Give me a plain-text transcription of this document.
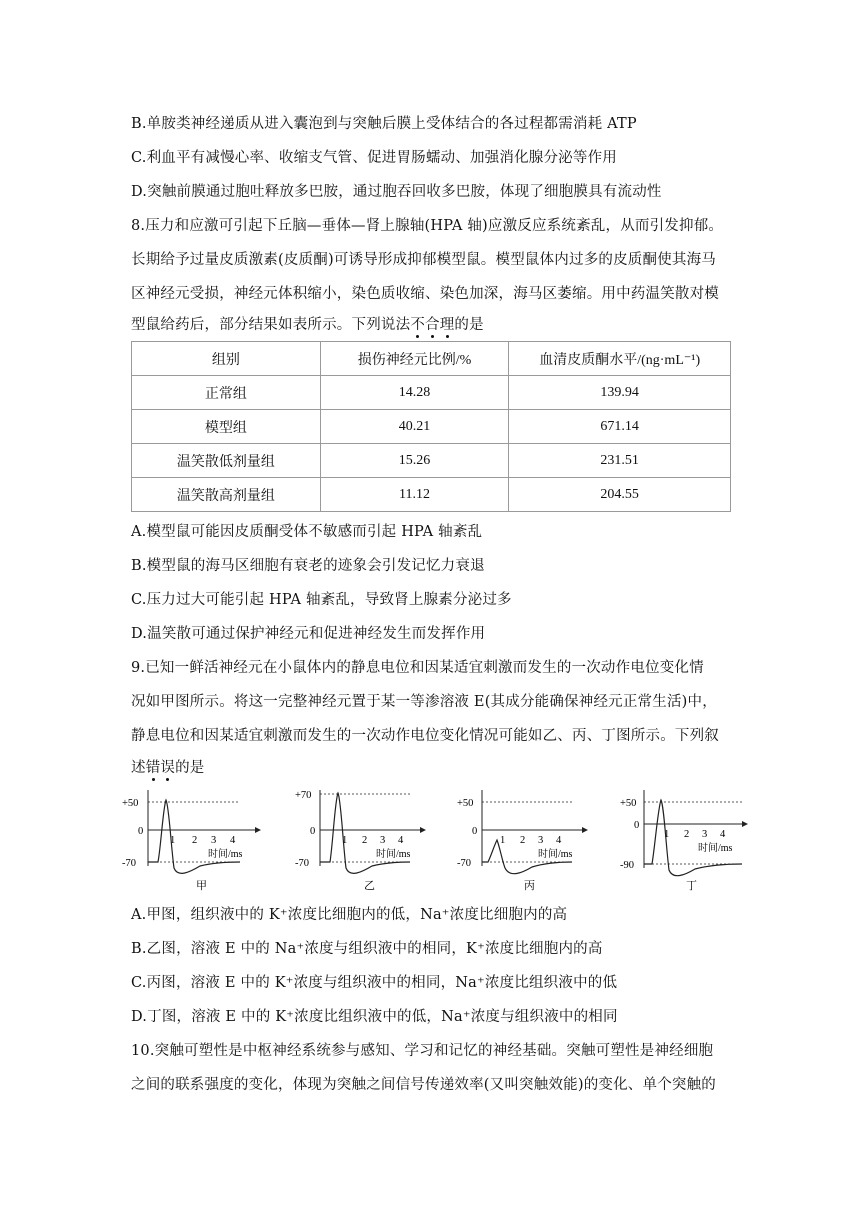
B.单胺类神经递质从进入囊泡到与突触后膜上受体结合的各过程都需消耗 ATP
C.利血平有减慢心率、收缩支气管、促进胃肠蠕动、加强消化腺分泌等作用
D.突触前膜通过胞吐释放多巴胺，通过胞吞回收多巴胺，体现了细胞膜具有流动性
8.压力和应激可引起下丘脑—垂体—肾上腺轴(HPA 轴)应激反应系统紊乱，从而引发抑郁。
长期给予过量皮质激素(皮质酮)可诱导形成抑郁模型鼠。模型鼠体内过多的皮质酮使其海马
区神经元受损，神经元体积缩小，染色质收缩、染色加深，海马区萎缩。用中药温笑散对模
型鼠给药后，部分结果如表所示。下列说法不合理的是
组别	损伤神经元比例/%	血清皮质酮水平/(ng·mL⁻¹)
正常组	14.28	139.94
模型组	40.21	671.14
温笑散低剂量组	15.26	231.51
温笑散高剂量组	11.12	204.55
A.模型鼠可能因皮质酮受体不敏感而引起 HPA 轴紊乱
B.模型鼠的海马区细胞有衰老的迹象会引发记忆力衰退
C.压力过大可能引起 HPA 轴紊乱，导致肾上腺素分泌过多
D.温笑散可通过保护神经元和促进神经发生而发挥作用
9.已知一鲜活神经元在小鼠体内的静息电位和因某适宜刺激而发生的一次动作电位变化情
况如甲图所示。将这一完整神经元置于某一等渗溶液 E(其成分能确保神经元正常生活)中，
静息电位和因某适宜刺激而发生的一次动作电位变化情况可能如乙、丙、丁图所示。下列叙
述错误的是
+50
0
-70
1 2 3 4
时间/ms
甲
+70
0
-70
1 2 3 4
时间/ms
乙
+50
0
-70
1 2 3 4
时间/ms
丙
+50
0
-90
1 2 3 4
时间/ms
丁
A.甲图，组织液中的 K⁺浓度比细胞内的低，Na⁺浓度比细胞内的高
B.乙图，溶液 E 中的 Na⁺浓度与组织液中的相同，K⁺浓度比细胞内的高
C.丙图，溶液 E 中的 K⁺浓度与组织液中的相同，Na⁺浓度比组织液中的低
D.丁图，溶液 E 中的 K⁺浓度比组织液中的低，Na⁺浓度与组织液中的相同
10.突触可塑性是中枢神经系统参与感知、学习和记忆的神经基础。突触可塑性是神经细胞
之间的联系强度的变化，体现为突触之间信号传递效率(又叫突触效能)的变化、单个突触的
